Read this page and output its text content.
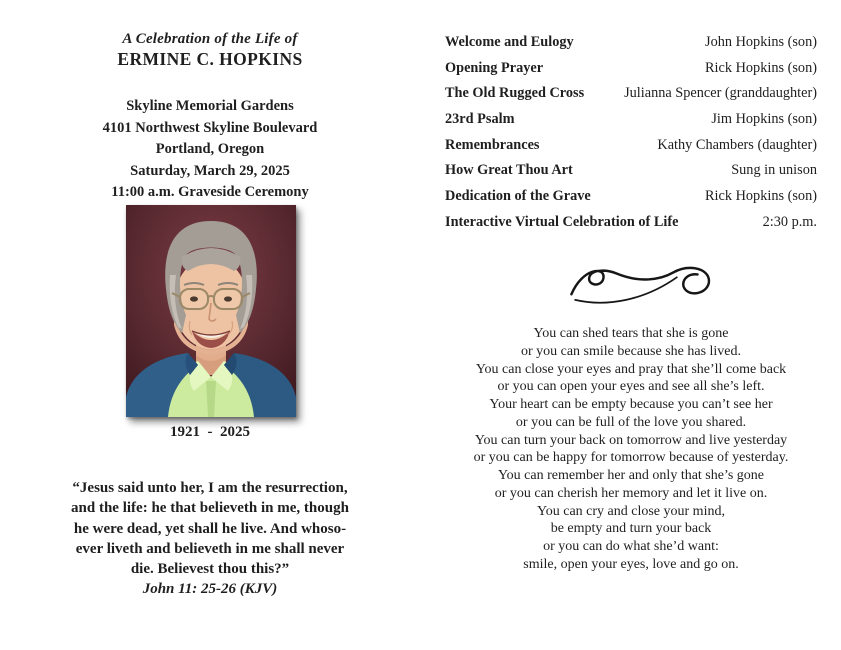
A Celebration of the Life of
ERMINE C. HOPKINS
Skyline Memorial Gardens
4101 Northwest Skyline Boulevard
Portland, Oregon
Saturday, March 29, 2025
11:00 a.m. Graveside Ceremony
1921  -  2025
“Jesus said unto her, I am the resurrection,
and the life: he that believeth in me, though
he were dead, yet shall he live. And whoso-
ever liveth and believeth in me shall never
die. Believest thou this?”
John 11: 25-26 (KJV)
Welcome and Eulogy	John Hopkins (son)
Opening Prayer	Rick Hopkins (son)
The Old Rugged Cross	Julianna Spencer (granddaughter)
23rd Psalm	Jim Hopkins (son)
Remembrances	Kathy Chambers (daughter)
How Great Thou Art	Sung in unison
Dedication of the Grave	Rick Hopkins (son)
Interactive Virtual Celebration of Life	2:30 p.m.
You can shed tears that she is gone
or you can smile because she has lived.
You can close your eyes and pray that she’ll come back
or you can open your eyes and see all she’s left.
Your heart can be empty because you can’t see her
or you can be full of the love you shared.
You can turn your back on tomorrow and live yesterday
or you can be happy for tomorrow because of yesterday.
You can remember her and only that she’s gone
or you can cherish her memory and let it live on.
You can cry and close your mind,
be empty and turn your back
or you can do what she’d want:
smile, open your eyes, love and go on.
